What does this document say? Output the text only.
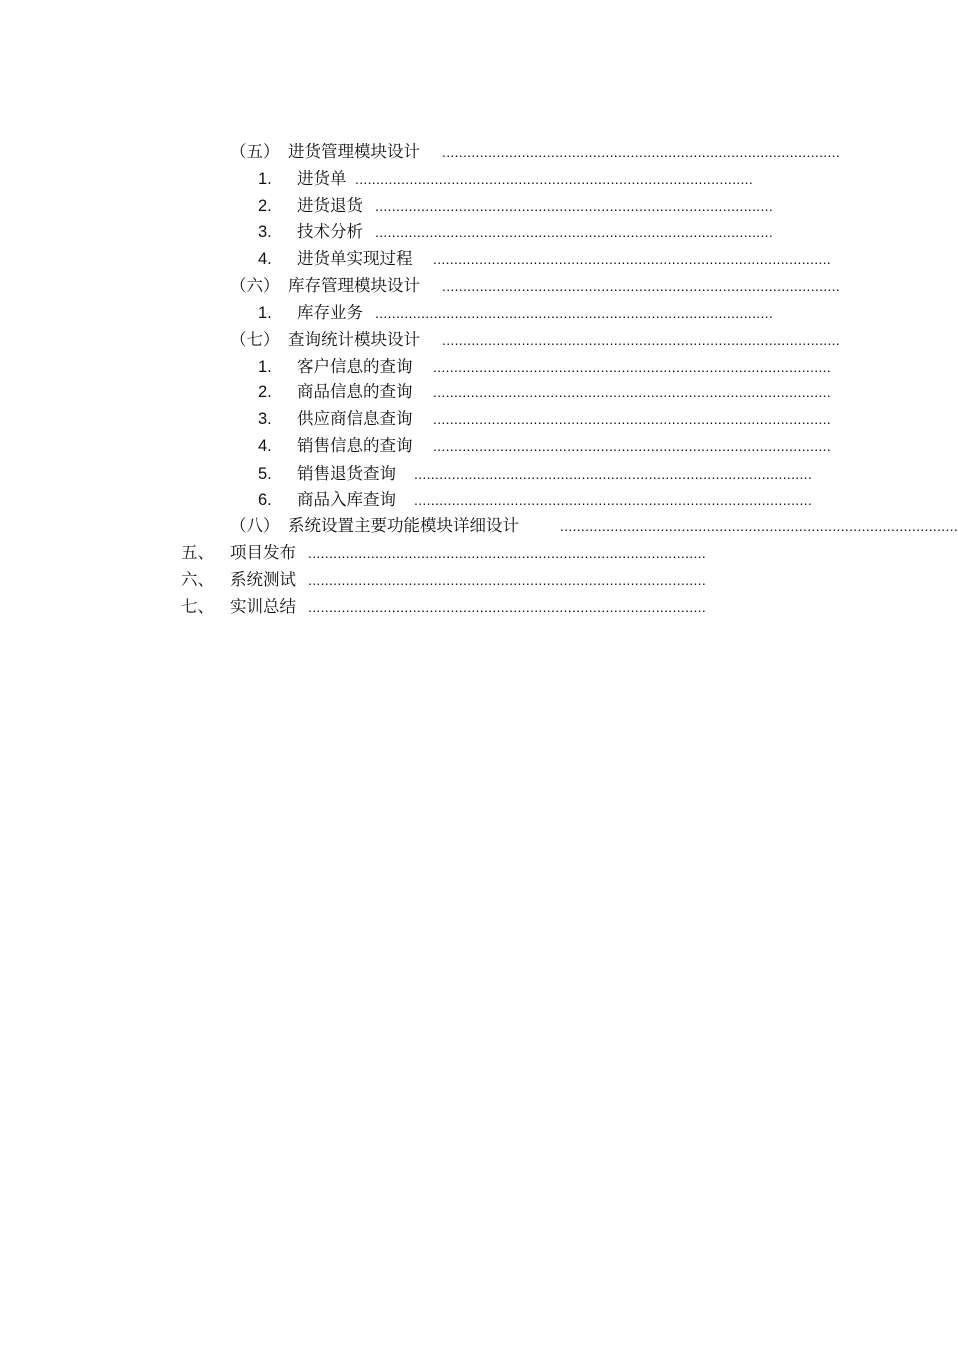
（五） 进货管理模块设计 ...............................................................................................
1. 进货单 ...............................................................................................
2. 进货退货 ...............................................................................................
3. 技术分析 ...............................................................................................
4. 进货单实现过程 ...............................................................................................
（六） 库存管理模块设计 ...............................................................................................
1. 库存业务 ...............................................................................................
（七） 查询统计模块设计 ...............................................................................................
1. 客户信息的查询 ...............................................................................................
2. 商品信息的查询 ...............................................................................................
3. 供应商信息查询 ...............................................................................................
4. 销售信息的查询 ...............................................................................................
5. 销售退货查询 ...............................................................................................
6. 商品入库查询 ...............................................................................................
（八） 系统设置主要功能模块详细设计	...............................................................................................
五、 项目发布 ...............................................................................................
六、 系统测试 ...............................................................................................
七、 实训总结 ...............................................................................................
